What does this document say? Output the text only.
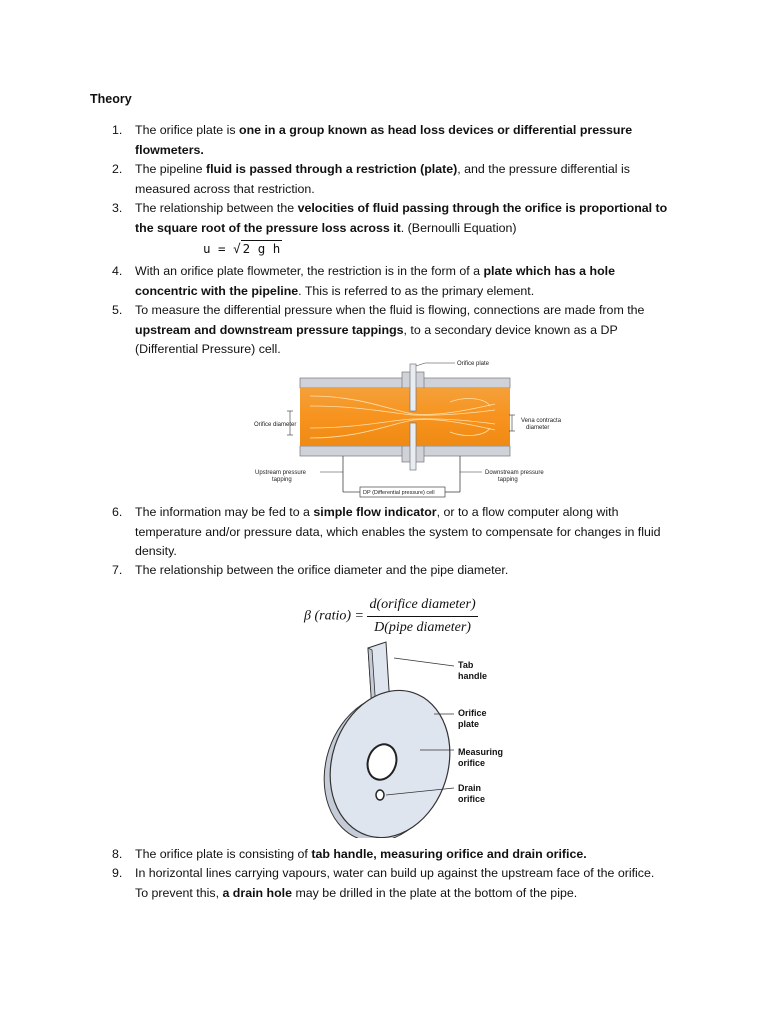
Theory
1.	The orifice plate is one in a group known as head loss devices or differential pressure
flowmeters.
2.	The pipeline fluid is passed through a restriction (plate), and the pressure differential is
measured across that restriction.
3.	The relationship between the velocities of fluid passing through the orifice is proportional to
the square root of the pressure loss across it. (Bernoulli Equation)
u = √ 2 g h
4.	With an orifice plate flowmeter, the restriction is in the form of a plate which has a hole
concentric with the pipeline. This is referred to as the primary element.
5.	To measure the differential pressure when the fluid is flowing, connections are made from the
upstream and downstream pressure tappings, to a secondary device known as a DP
(Differential Pressure) cell.
Orifice plate
Orifice diameter
Vena contracta
diameter
DP (Differential pressure) cell
Upstream pressure
tapping
Downstream pressure
tapping
6.	The information may be fed to a simple flow indicator, or to a flow computer along with
temperature and/or pressure data, which enables the system to compensate for changes in fluid
density.
7.	The relationship between the orifice diameter and the pipe diameter.
β (ratio) = $\frac{\text{d(orifice diameter)}}{\text{D(pipe diameter)}}$
Tab
handle
Orifice
plate
Measuring
orifice
Drain
orifice
8.	The orifice plate is consisting of tab handle, measuring orifice and drain orifice.
9.	In horizontal lines carrying vapours, water can build up against the upstream face of the orifice.
To prevent this, a drain hole may be drilled in the plate at the bottom of the pipe.
